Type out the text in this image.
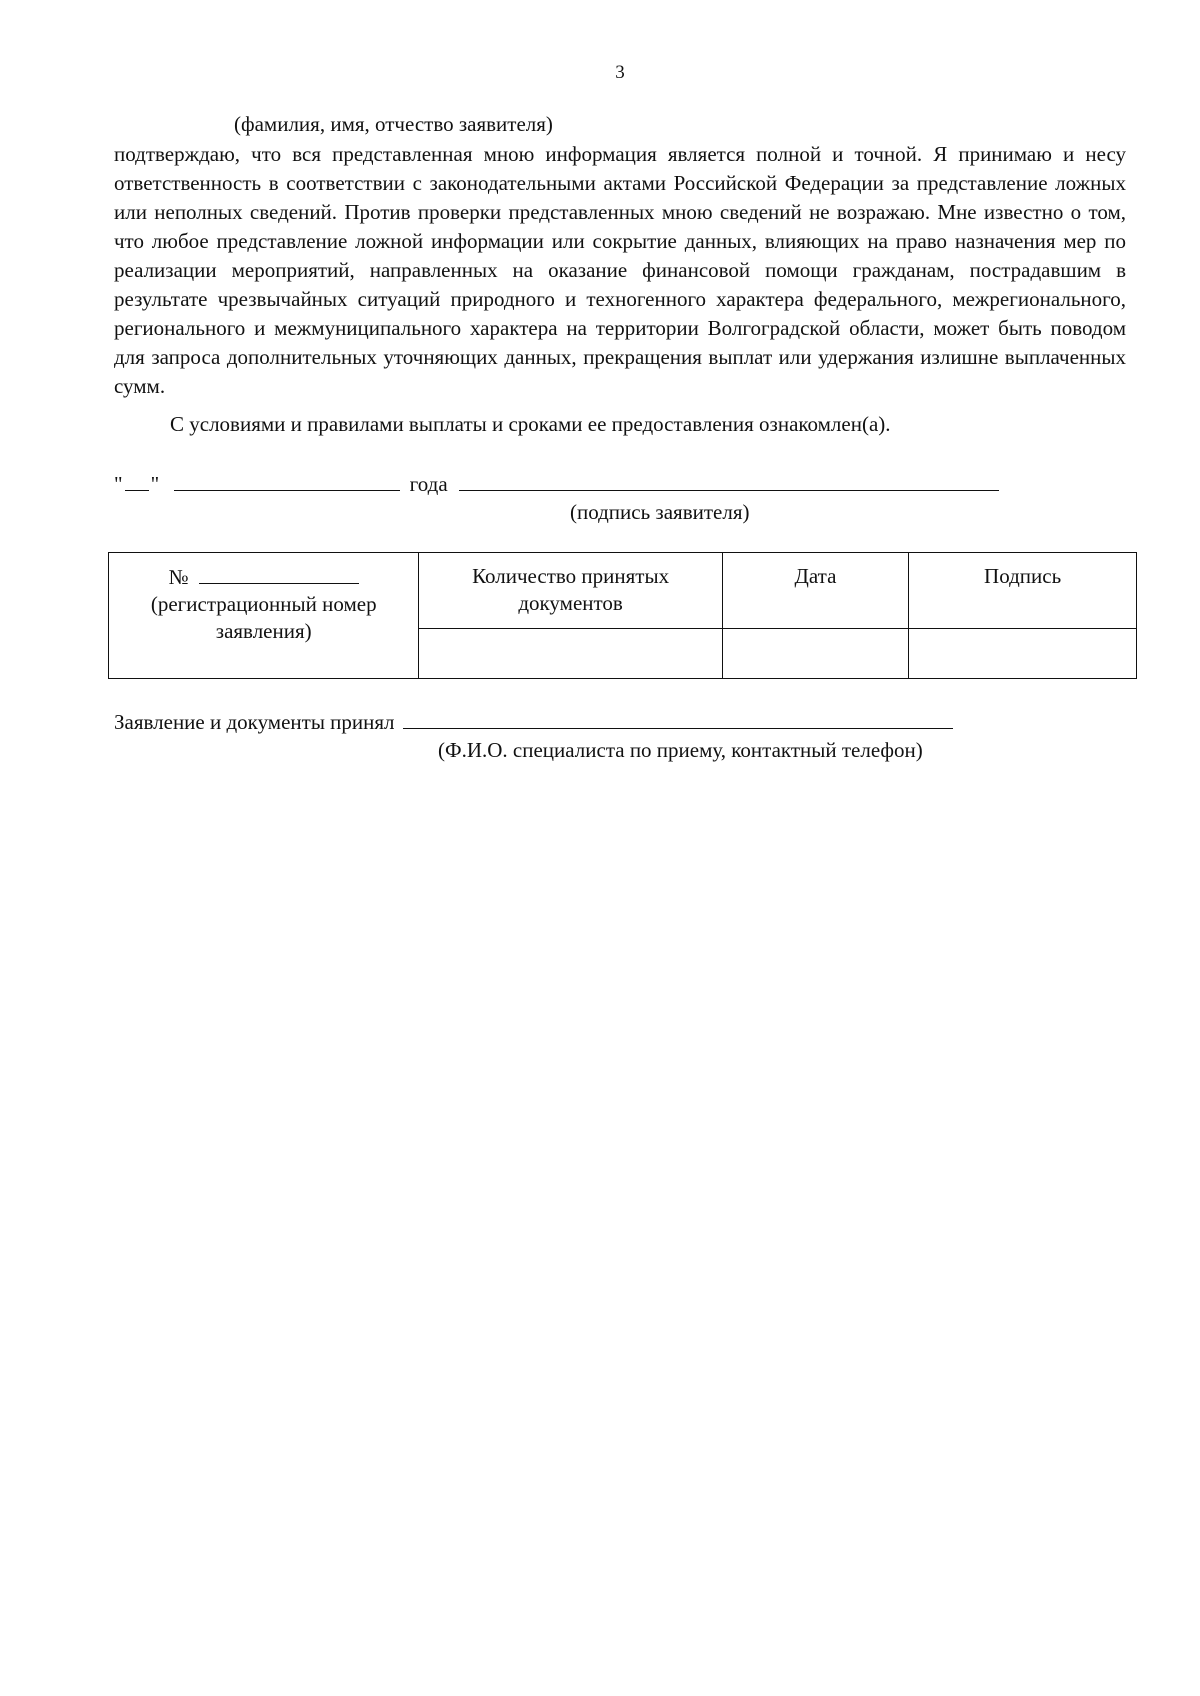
3
(фамилия, имя, отчество заявителя)

подтверждаю, что вся представленная мною информация является полной и точной. Я принимаю и несу ответственность в соответствии с законодательными актами Российской Федерации за представление ложных или неполных сведений. Против проверки представленных мною сведений не возражаю. Мне известно о том, что любое представление ложной информации или сокрытие данных, влияющих на право назначения мер по реализации мероприятий, направленных на оказание финансовой помощи гражданам, пострадавшим в результате чрезвычайных ситуаций природного и техногенного характера федерального, межрегионального, регионального и межмуниципального характера на территории Волгоградской области, может быть поводом для запроса дополнительных уточняющих данных, прекращения выплат или удержания излишне выплаченных сумм.

С условиями и правилами выплаты и сроками ее предоставления ознакомлен(а).

" "	года
(подпись заявителя)
№
(регистрационный номер заявления)	Количество принятых документов	Дата	Подпись

Заявление и документы принял
(Ф.И.О. специалиста по приему, контактный телефон)
